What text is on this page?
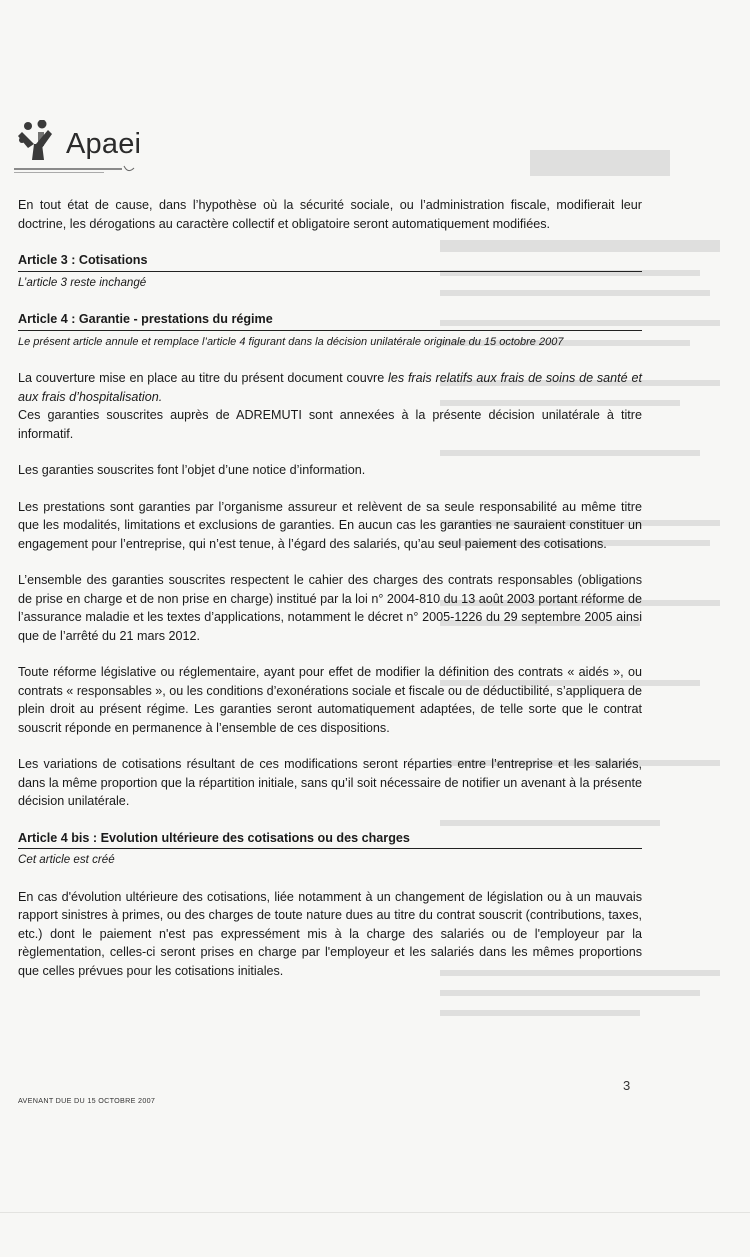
Apaei

En tout état de cause, dans l’hypothèse où la sécurité sociale, ou l’administration fiscale, modifierait leur doctrine, les dérogations au caractère collectif et obligatoire seront automatiquement modifiées.

Article 3 : Cotisations
L’article 3 reste inchangé
Article 4 : Garantie - prestations du régime
Le présent article annule et remplace l’article 4 figurant dans la décision unilatérale originale du 15 octobre 2007

La couverture mise en place au titre du présent document couvre les frais relatifs aux frais de soins de santé et aux frais d’hospitalisation.
Ces garanties souscrites auprès de ADREMUTI sont annexées à la présente décision unilatérale à titre informatif.

Les garanties souscrites font l’objet d’une notice d’information.

Les prestations sont garanties par l’organisme assureur et relèvent de sa seule responsabilité au même titre que les modalités, limitations et exclusions de garanties. En aucun cas les garanties ne sauraient constituer un engagement pour l’entreprise, qui n’est tenue, à l’égard des salariés, qu’au seul paiement des cotisations.

L’ensemble des garanties souscrites respectent le cahier des charges des contrats responsables (obligations de prise en charge et de non prise en charge) institué par la loi n° 2004-810 du 13 août 2003 portant réforme de l’assurance maladie et les textes d’applications, notamment le décret n° 2005-1226 du 29 septembre 2005 ainsi que de l’arrêté du 21 mars 2012.

Toute réforme législative ou réglementaire, ayant pour effet de modifier la définition des contrats « aidés », ou contrats « responsables », ou les conditions d’exonérations sociale et fiscale ou de déductibilité, s’appliquera de plein droit au présent régime. Les garanties seront automatiquement adaptées, de telle sorte que le contrat souscrit réponde en permanence à l’ensemble de ces dispositions.

Les variations de cotisations résultant de ces modifications seront réparties entre l’entreprise et les salariés, dans la même proportion que la répartition initiale, sans qu’il soit nécessaire de notifier un avenant à la présente décision unilatérale.

Article 4 bis : Evolution ultérieure des cotisations ou des charges
Cet article est créé

En cas d'évolution ultérieure des cotisations, liée notamment à un changement de législation ou à un mauvais rapport sinistres à primes, ou des charges de toute nature dues au titre du contrat souscrit (contributions, taxes, etc.) dont le paiement n'est pas expressément mis à la charge des salariés ou de l'employeur par la règlementation, celles-ci seront prises en charge par l'employeur et les salariés dans les mêmes proportions que celles prévues pour les cotisations initiales.

3
AVENANT DUE DU 15 OCTOBRE 2007
